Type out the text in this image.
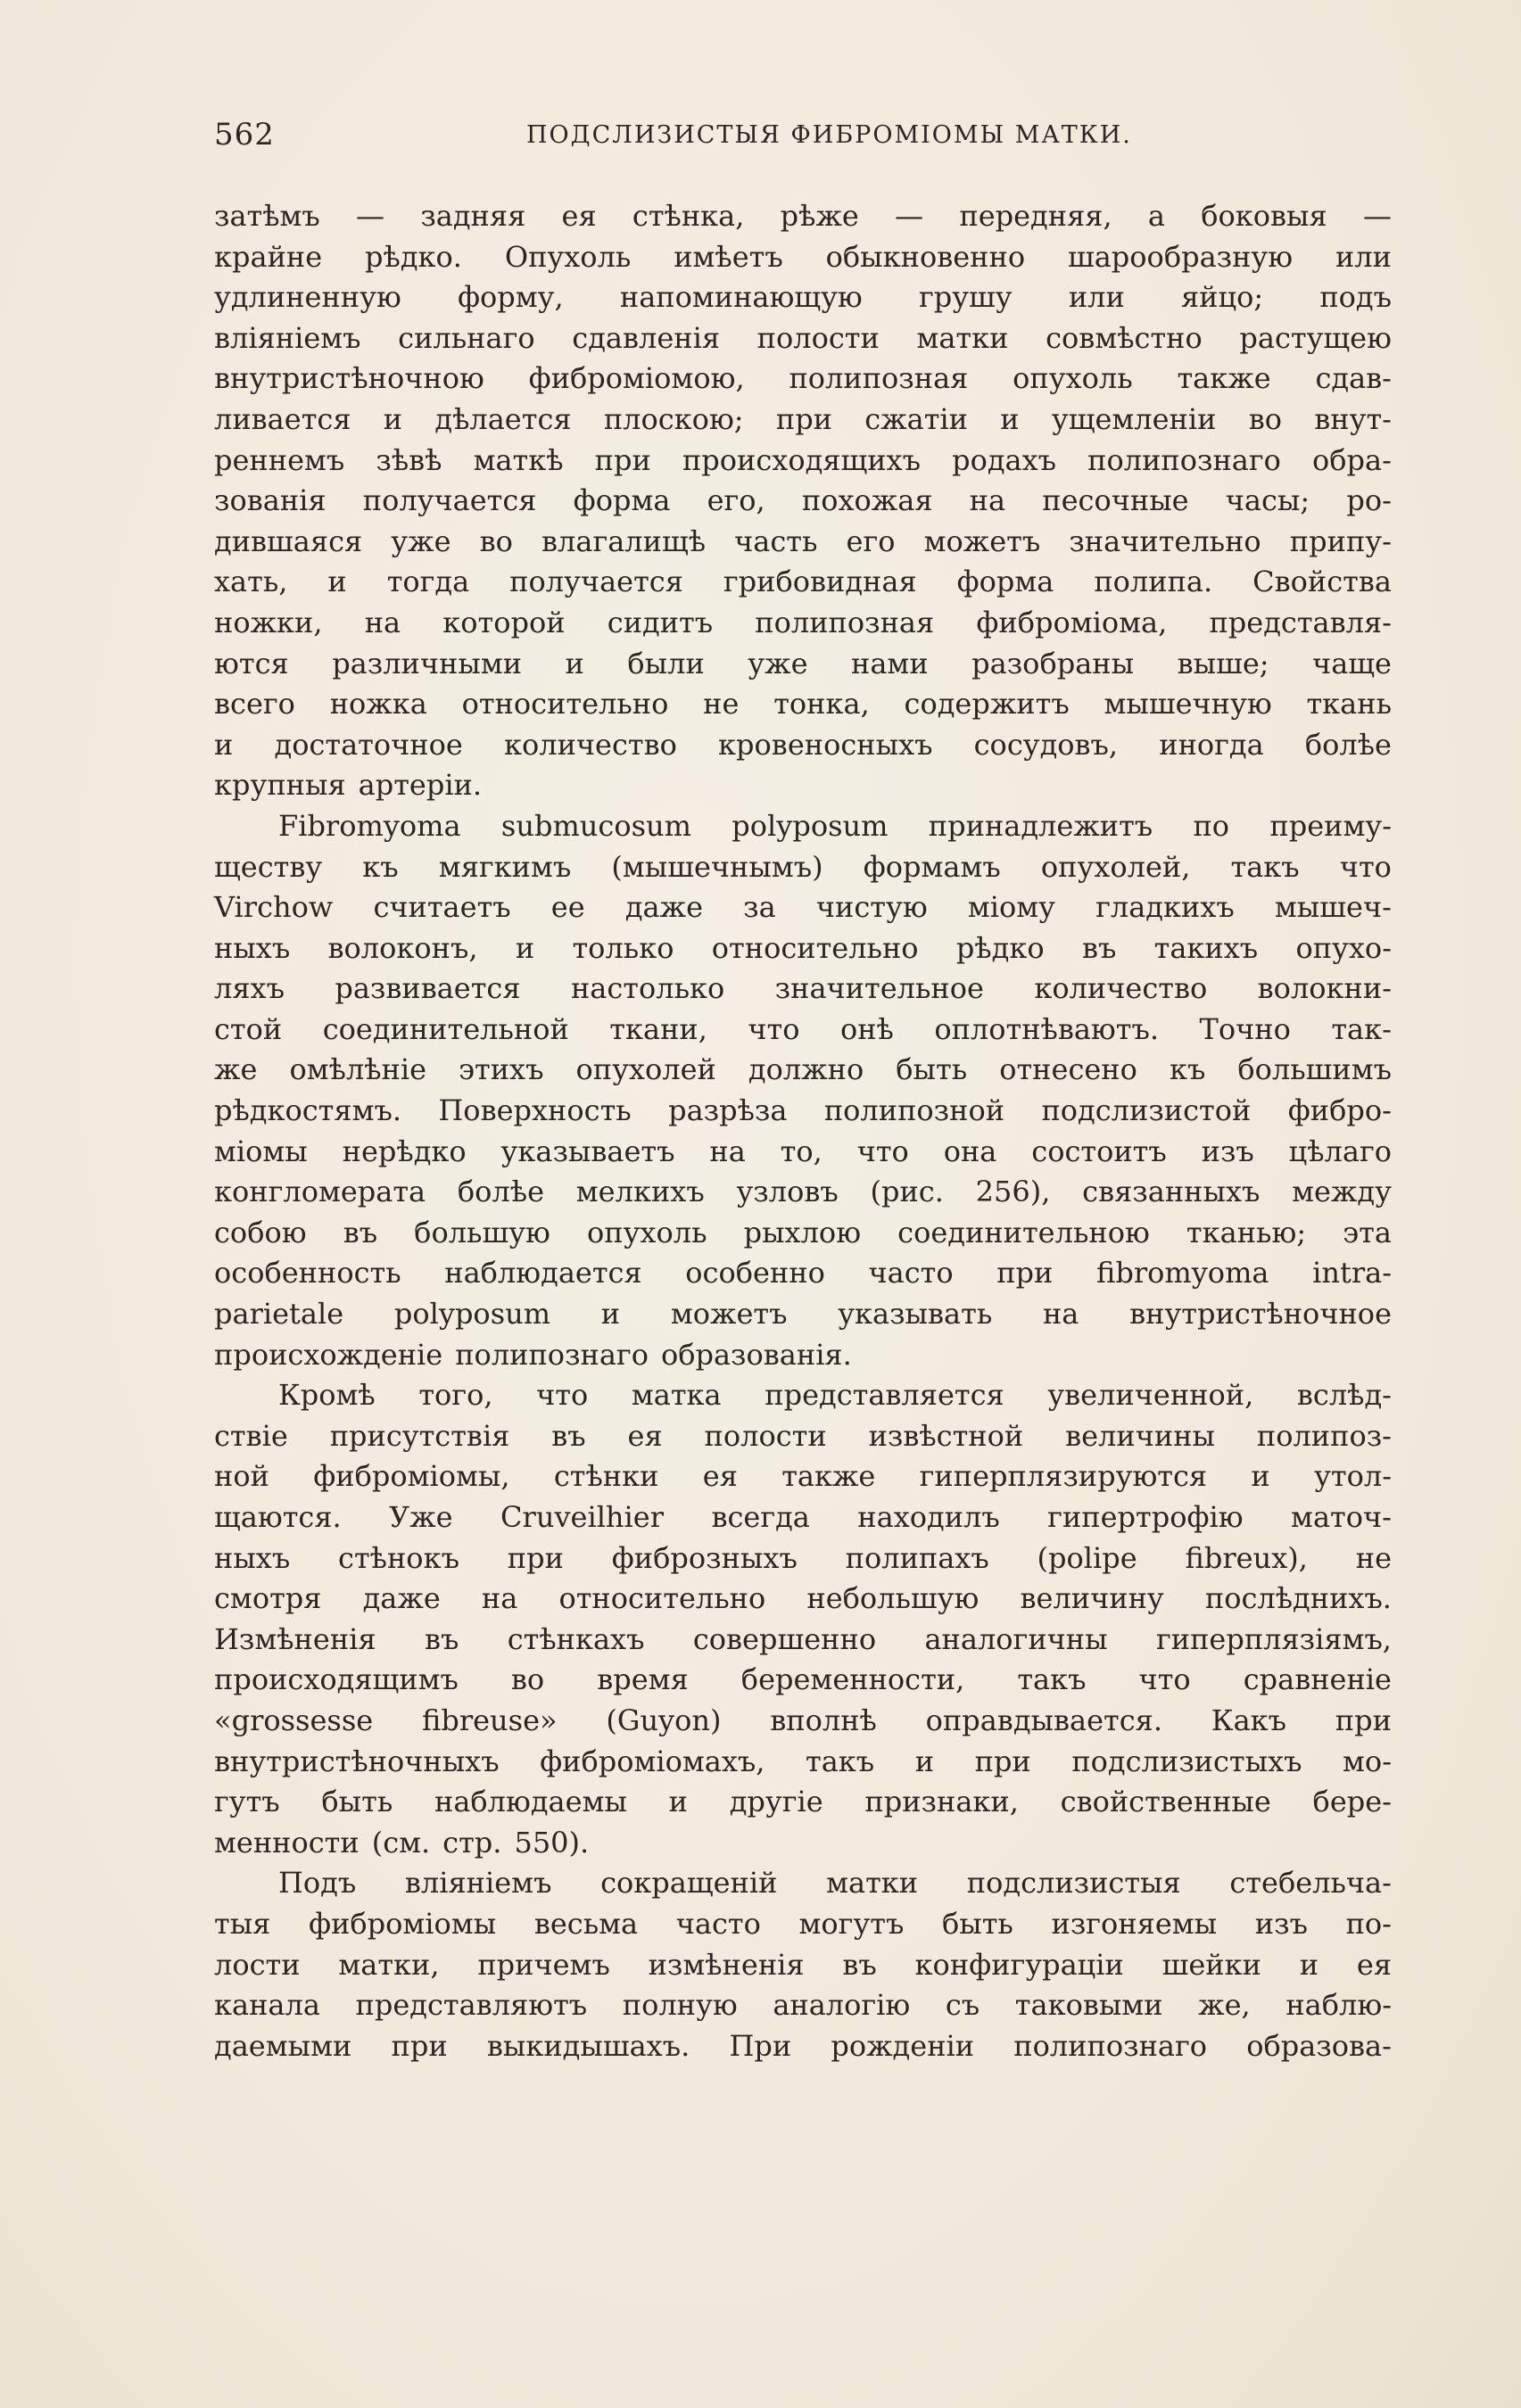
562	ПОДСЛИЗИСТЫЯ ФИБРОМІОМЫ МАТКИ.
затѣмъ — задняя ея стѣнка, рѣже — передняя, а боковыя —
крайне рѣдко. Опухоль имѣетъ обыкновенно шарообразную или
удлиненную форму, напоминающую грушу или яйцо; подъ
вліяніемъ сильнаго сдавленія полости матки совмѣстно растущею
внутристѣночною фиброміомою, полипозная опухоль также сдав-
ливается и дѣлается плоскою; при сжатіи и ущемленіи во внут-
реннемъ зѣвѣ маткѣ при происходящихъ родахъ полипознаго обра-
зованія получается форма его, похожая на песочные часы; ро-
дившаяся уже во влагалищѣ часть его можетъ значительно припу-
хать, и тогда получается грибовидная форма полипа. Свойства
ножки, на которой сидитъ полипозная фиброміома, представля-
ются различными и были уже нами разобраны выше; чаще
всего ножка относительно не тонка, содержитъ мышечную ткань
и достаточное количество кровеносныхъ сосудовъ, иногда болѣе
крупныя артеріи.
Fibromyoma submucosum polyposum принадлежитъ по преиму-
ществу къ мягкимъ (мышечнымъ) формамъ опухолей, такъ что
Virchow считаетъ ее даже за чистую міому гладкихъ мышеч-
ныхъ волоконъ, и только относительно рѣдко въ такихъ опухо-
ляхъ развивается настолько значительное количество волокни-
стой соединительной ткани, что онѣ оплотнѣваютъ. Точно так-
же омѣлѣніе этихъ опухолей должно быть отнесено къ большимъ
рѣдкостямъ. Поверхность разрѣза полипозной подслизистой фибро-
міомы нерѣдко указываетъ на то, что она состоитъ изъ цѣлаго
конгломерата болѣе мелкихъ узловъ (рис. 256), связанныхъ между
собою въ большую опухоль рыхлою соединительною тканью; эта
особенность наблюдается особенно часто при fibromyoma intra-
parietale polyposum и можетъ указывать на внутристѣночное
происхожденіе полипознаго образованія.
Кромѣ того, что матка представляется увеличенной, вслѣд-
ствіе присутствія въ ея полости извѣстной величины полипоз-
ной фиброміомы, стѣнки ея также гиперплязируются и утол-
щаются. Уже Cruveilhier всегда находилъ гипертрофію маточ-
ныхъ стѣнокъ при фиброзныхъ полипахъ (polipe fibreux), не
смотря даже на относительно небольшую величину послѣднихъ.
Измѣненія въ стѣнкахъ совершенно аналогичны гиперплязіямъ,
происходящимъ во время беременности, такъ что сравненіе
«grossesse fibreuse» (Guyon) вполнѣ оправдывается. Какъ при
внутристѣночныхъ фиброміомахъ, такъ и при подслизистыхъ мо-
гутъ быть наблюдаемы и другіе признаки, свойственные бере-
менности (см. стр. 550).
Подъ вліяніемъ сокращеній матки подслизистыя стебельча-
тыя фиброміомы весьма часто могутъ быть изгоняемы изъ по-
лости матки, причемъ измѣненія въ конфигураціи шейки и ея
канала представляютъ полную аналогію съ таковыми же, наблю-
даемыми при выкидышахъ. При рожденіи полипознаго образова-
